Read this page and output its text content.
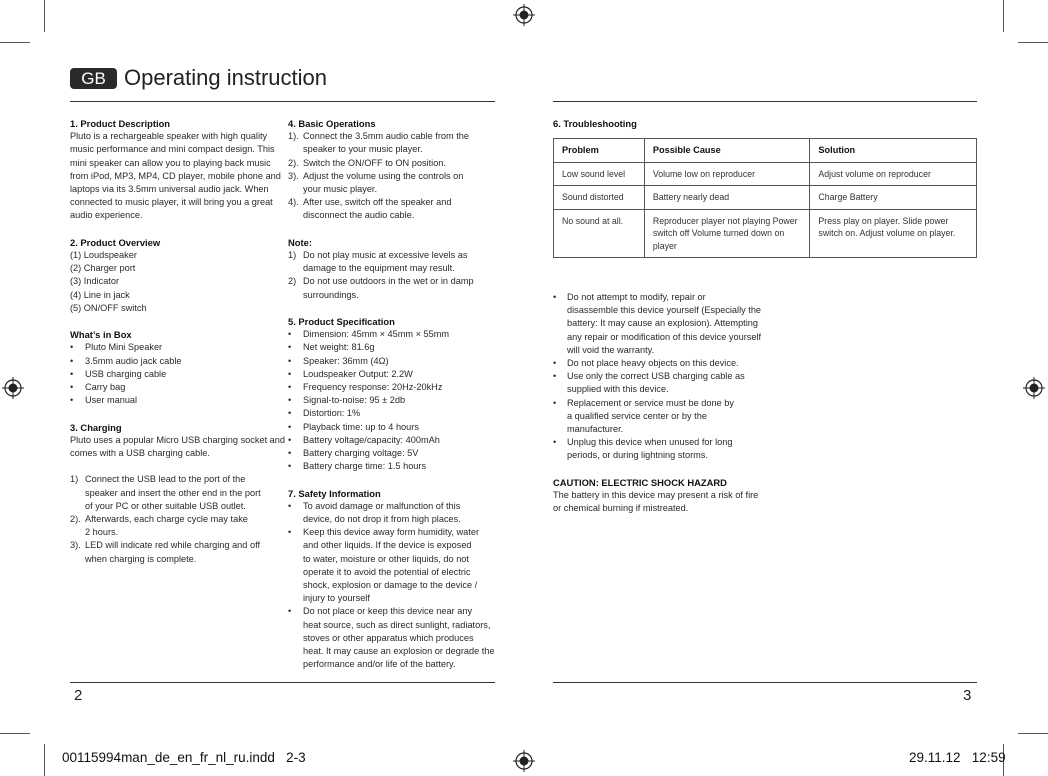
GB Operating instruction
1. Product Description

Pluto is a rechargeable speaker with high quality

music performance and mini compact design. This

mini speaker can allow you to playing back music

from iPod, MP3, MP4, CD player, mobile phone and

laptops via its 3.5mm universal audio jack. When

connected to music player, it will bring you a great

audio experience.

2. Product Overview

(1) Loudspeaker

(2) Charger port

(3) Indicator

(4) Line in jack

(5) ON/OFF switch

What’s in Box

• Pluto Mini Speaker

• 3.5mm audio jack cable

• USB charging cable

• Carry bag

• User manual

3. Charging

Pluto uses a popular Micro USB charging socket and

comes with a USB charging cable.

1) Connect the USB lead to the port of the

speaker and insert the other end in the port

of your PC or other suitable USB outlet.

2). Afterwards, each charge cycle may take

2 hours.

3). LED will indicate red while charging and off

when charging is complete.

4. Basic Operations
1). Connect the 3.5mm audio cable from the

speaker to your music player.

2). Switch the ON/OFF to ON position.

3). Adjust the volume using the controls on

your music player.

4). After use, switch off the speaker and

disconnect the audio cable.

Note:
1) Do not play music at excessive levels as

damage to the equipment may result.

2) Do not use outdoors in the wet or in damp

surroundings.

5. Product Specification

• Dimension: 45mm × 45mm × 55mm

• Net weight: 81.6g

• Speaker: 36mm (4Ω)

• Loudspeaker Output: 2.2W

• Frequency response: 20Hz-20kHz

• Signal-to-noise: 95 ± 2db

• Distortion: 1%

• Playback time: up to 4 hours

• Battery voltage/capacity: 400mAh

• Battery charging voltage: 5V

• Battery charge time: 1.5 hours

7. Safety Information

• To avoid damage or malfunction of this

device, do not drop it from high places.

• Keep this device away form humidity, water

and other liquids. If the device is exposed

to water, moisture or other liquids, do not

operate it to avoid the potential of electric

shock, explosion or damage to the device /

injury to yourself

• Do not place or keep this device near any

heat source, such as direct sunlight, radiators,

stoves or other apparatus which produces

heat. It may cause an explosion or degrade the

performance and/or life of the battery.

6. Troubleshooting
Problem	Possible Cause	Solution
Low sound level	Volume low on reproducer	Adjust volume on reproducer
Sound distorted	Battery nearly dead	Charge Battery
No sound at all.	Reproducer player not playing Power switch off Volume turned down on player	Press play on player. Slide power switch on. Adjust volume on player.

• Do not attempt to modify, repair or

disassemble this device yourself (Especially the

battery: It may cause an explosion). Attempting

any repair or modification of this device yourself

will void the warranty.

• Do not place heavy objects on this device.

• Use only the correct USB charging cable as

supplied with this device.

• Replacement or service must be done by

a qualified service center or by the

manufacturer.

• Unplug this device when unused for long

periods, or during lightning storms.

CAUTION: ELECTRIC SHOCK HAZARD

The battery in this device may present a risk of fire

or chemical burning if mistreated.

2	3
00115994man_de_en_fr_nl_ru.indd   2-3	29.11.12   12:59
